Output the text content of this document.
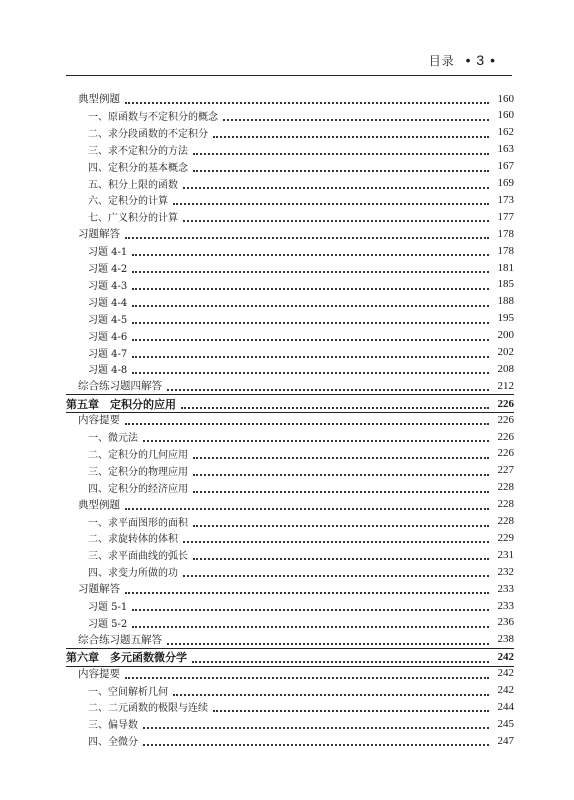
目录 • 3 •
典型例题	160
一、原函数与不定积分的概念	160
二、求分段函数的不定积分	162
三、求不定积分的方法	163
四、定积分的基本概念	167
五、积分上限的函数	169
六、定积分的计算	173
七、广义积分的计算	177
习题解答	178
习题 4-1	178
习题 4-2	181
习题 4-3	185
习题 4-4	188
习题 4-5	195
习题 4-6	200
习题 4-7	202
习题 4-8	208
综合练习题四解答	212
第五章　定积分的应用	226
内容提要	226
一、微元法	226
二、定积分的几何应用	226
三、定积分的物理应用	227
四、定积分的经济应用	228
典型例题	228
一、求平面图形的面积	228
二、求旋转体的体积	229
三、求平面曲线的弧长	231
四、求变力所做的功	232
习题解答	233
习题 5-1	233
习题 5-2	236
综合练习题五解答	238
第六章　多元函数微分学	242
内容提要	242
一、空间解析几何	242
二、二元函数的极限与连续	244
三、偏导数	245
四、全微分	247
